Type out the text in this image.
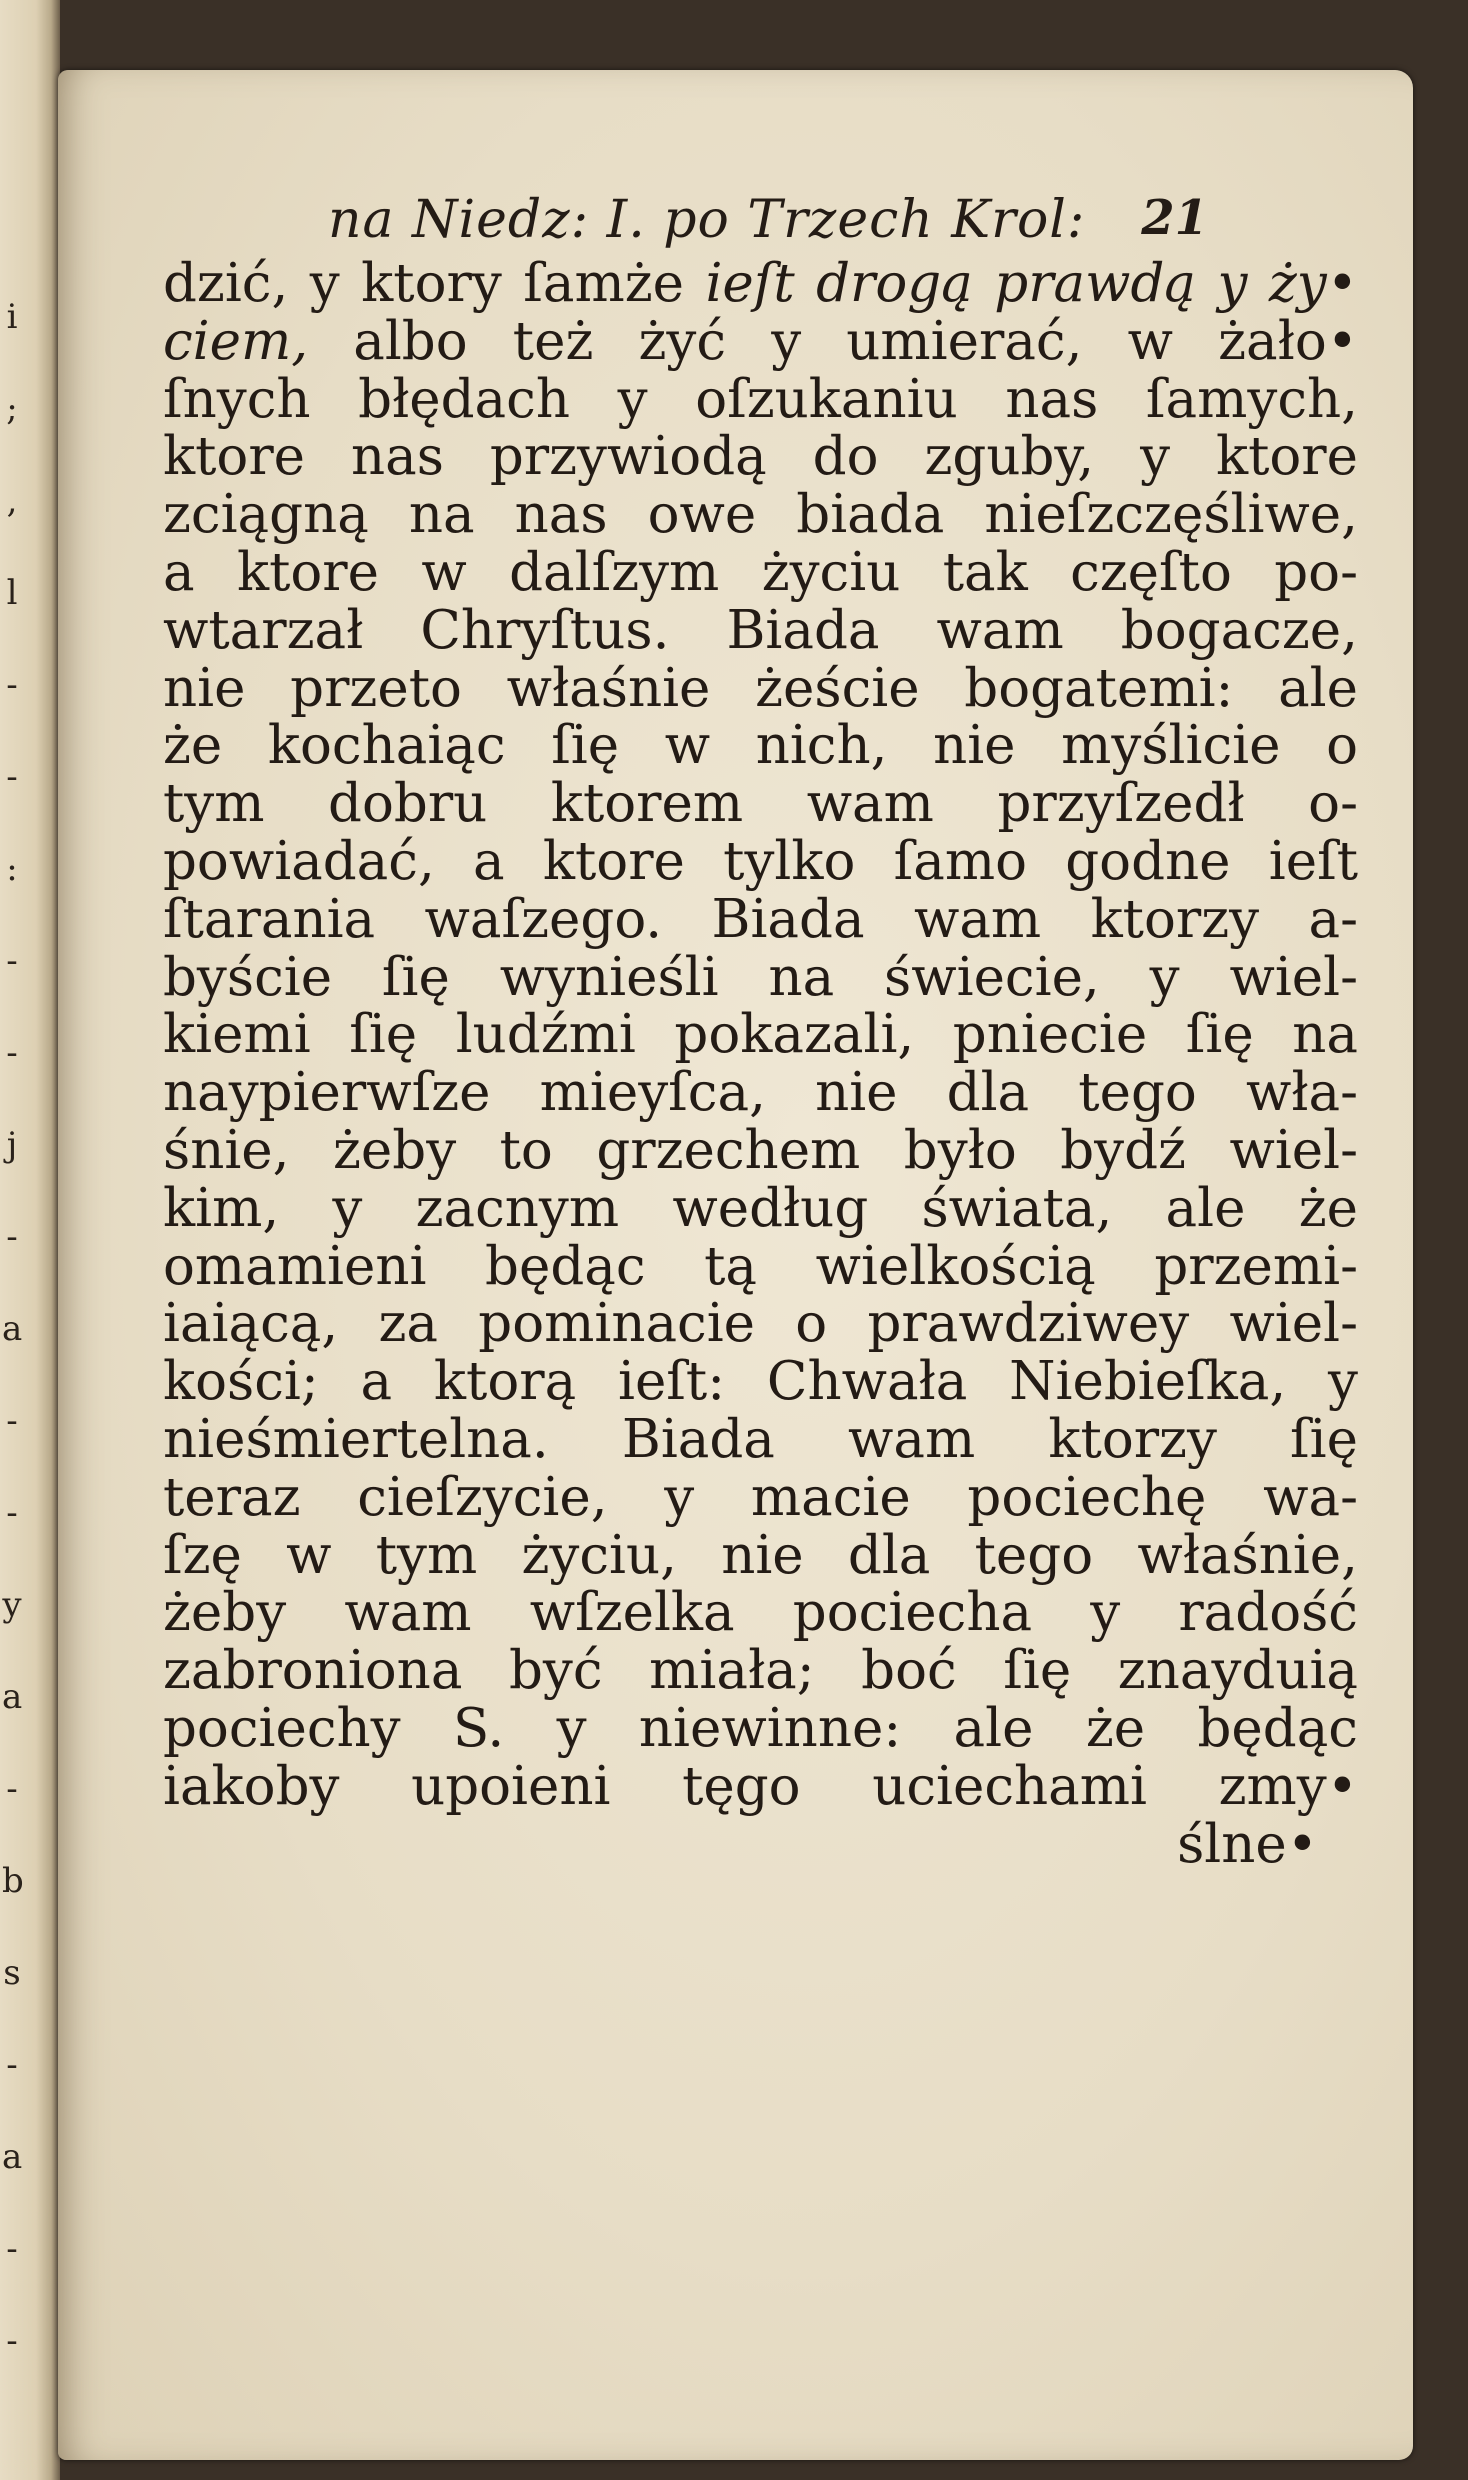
i
;
,
l
-
-
:
-
-
j
-
a
-
-
y
a
-
b
s
-
a
-
-
na Niedz: I. po Trzech Krol: 21
dzić, y ktory ſamże ieſt drogą prawdą y ży•
ciem, albo też żyć y umierać, w żało•
ſnych błędach y oſzukaniu nas ſamych,
ktore nas przywiodą do zguby, y ktore
zciągną na nas owe biada nieſzczęśliwe,
a ktore w dalſzym życiu tak częſto po-
wtarzał Chryſtus. Biada wam bogacze,
nie przeto właśnie żeście bogatemi: ale
że kochaiąc ſię w nich, nie myślicie o
tym dobru ktorem wam przyſzedł o-
powiadać, a ktore tylko ſamo godne ieſt
ſtarania waſzego. Biada wam ktorzy a-
byście ſię wynieśli na świecie, y wiel-
kiemi ſię ludźmi pokazali, pniecie ſię na
naypierwſze mieyſca, nie dla tego wła-
śnie, żeby to grzechem było bydź wiel-
kim, y zacnym według świata, ale że
omamieni będąc tą wielkością przemi-
iaiącą, za pominacie o prawdziwey wiel-
kości; a ktorą ieſt: Chwała Niebieſka, y
nieśmiertelna. Biada wam ktorzy ſię
teraz cieſzycie, y macie pociechę wa-
ſzę w tym życiu, nie dla tego właśnie,
żeby wam wſzelka pociecha y radość
zabroniona być miała; boć ſię znayduią
pociechy S. y niewinne: ale że będąc
iakoby upoieni tęgo uciechami zmy•
ślne•
